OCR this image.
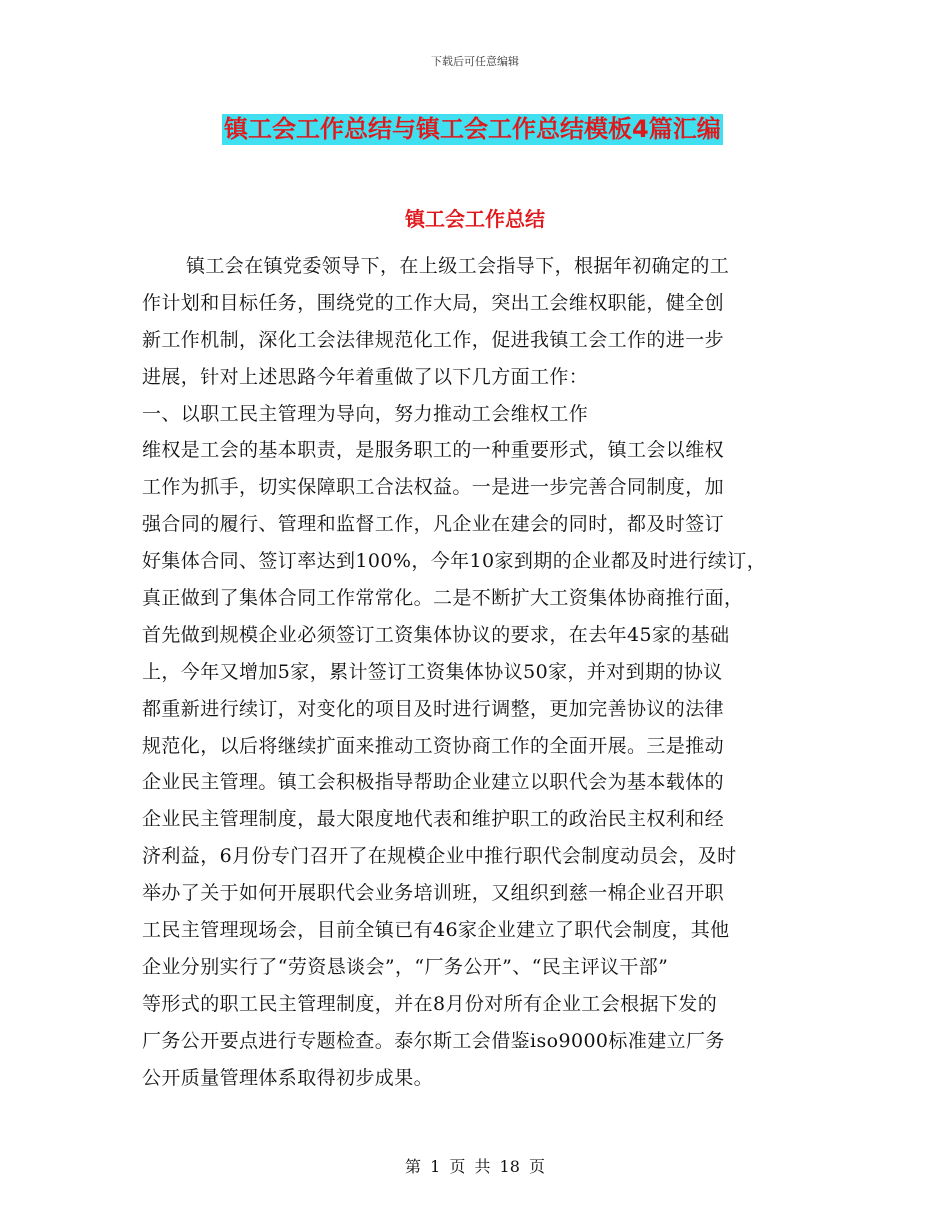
下载后可任意编辑
镇工会工作总结与镇工会工作总结模板4篇汇编
镇工会工作总结
镇工会在镇党委领导下，在上级工会指导下，根据年初确定的工
作计划和目标任务，围绕党的工作大局，突出工会维权职能，健全创
新工作机制，深化工会法律规范化工作，促进我镇工会工作的进一步
进展，针对上述思路今年着重做了以下几方面工作：
一、以职工民主管理为导向，努力推动工会维权工作
维权是工会的基本职责，是服务职工的一种重要形式，镇工会以维权
工作为抓手，切实保障职工合法权益。一是进一步完善合同制度，加
强合同的履行、管理和监督工作，凡企业在建会的同时，都及时签订
好集体合同、签订率达到100%，今年10家到期的企业都及时进行续订，
真正做到了集体合同工作常常化。二是不断扩大工资集体协商推行面，
首先做到规模企业必须签订工资集体协议的要求，在去年45家的基础
上，今年又增加5家，累计签订工资集体协议50家，并对到期的协议
都重新进行续订，对变化的项目及时进行调整，更加完善协议的法律
规范化，以后将继续扩面来推动工资协商工作的全面开展。三是推动
企业民主管理。镇工会积极指导帮助企业建立以职代会为基本载体的
企业民主管理制度，最大限度地代表和维护职工的政治民主权利和经
济利益，6月份专门召开了在规模企业中推行职代会制度动员会，及时
举办了关于如何开展职代会业务培训班，又组织到慈一棉企业召开职
工民主管理现场会，目前全镇已有46家企业建立了职代会制度，其他
企业分别实行了“劳资恳谈会”，“厂务公开”、“民主评议干部”
等形式的职工民主管理制度，并在8月份对所有企业工会根据下发的
厂务公开要点进行专题检查。泰尔斯工会借鉴iso9000标准建立厂务
公开质量管理体系取得初步成果。
第 1 页 共 18 页
